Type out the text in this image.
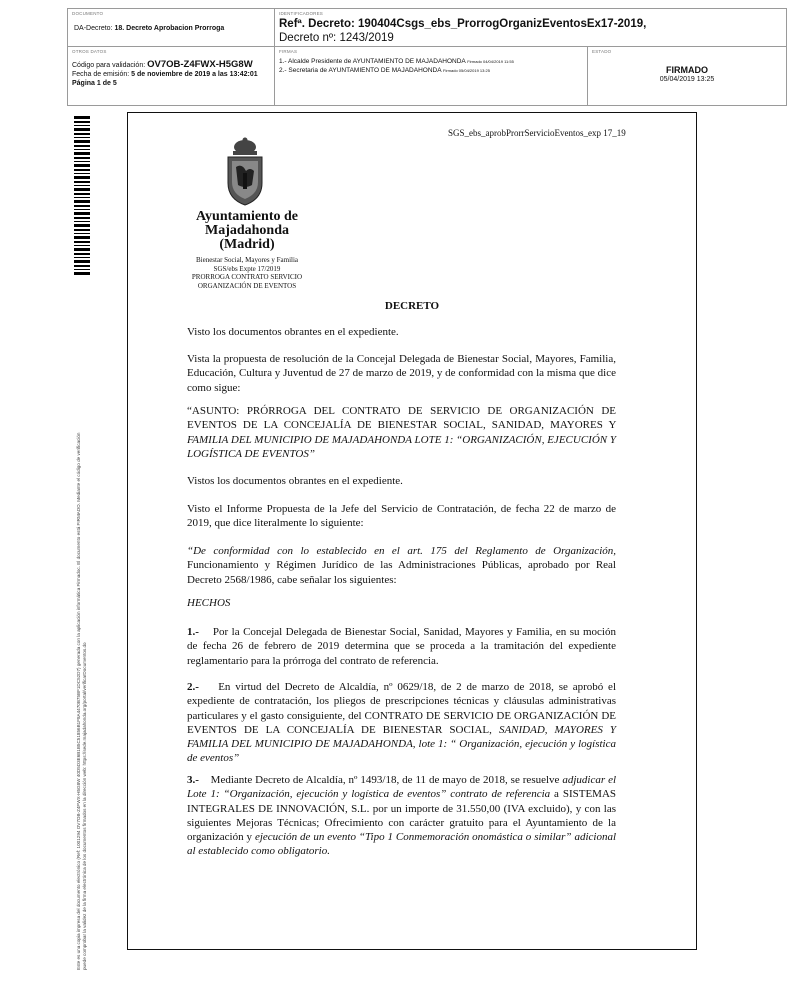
DOCUMENTO
DA-Decreto: 18. Decreto Aprobacion Prorroga
IDENTIFICADORES
Refª. Decreto: 190404Csgs_ebs_ProrrogOrganizEventosEx17-2019,
Decreto nº: 1243/2019
OTROS DATOS
Código para validación: OV7OB-Z4FWX-H5G8W
Fecha de emisión: 5 de noviembre de 2019 a las 13:42:01
Página 1 de 5
FIRMAS
1.- Alcalde Presidente de AYUNTAMIENTO DE MAJADAHONDA Firmado 04/04/2019 11:55
2.- Secretaria de AYUNTAMIENTO DE MAJADAHONDA Firmado 05/04/2019 13:25
ESTADO
FIRMADO
05/04/2019 13:25
Este es una copia impresa del documento electrónico (Ref: 1001294 OV7OB-Z4FWX-H5G8W 40D5D3E6B1B5C51856B1F8A4470B75BF1DC52D7) generada con la aplicación informática Firmadoc. El documento está FIRMADO. Mediante el código de verificación puede comprobar la validez de la firma electrónica de los documentos firmados en la dirección web: https://sede.majadahonda.org/portal/verificarDocumentos.do
SGS_ebs_aprobProrrServicioEventos_exp 17_19
Ayuntamiento de Majadahonda (Madrid)
Bienestar Social, Mayores y Familia
SGS/ebs Expte 17/2019
PRORROGA CONTRATO SERVICIO ORGANIZACIÓN DE EVENTOS
DECRETO
Visto los documentos obrantes en el expediente.
Vista la propuesta de resolución de la Concejal Delegada de Bienestar Social, Mayores, Familia, Educación, Cultura y Juventud de 27 de marzo de 2019, y de conformidad con la misma que dice como sigue:
“ASUNTO: PRÓRROGA DEL CONTRATO DE SERVICIO DE ORGANIZACIÓN DE EVENTOS DE LA CONCEJALÍA DE BIENESTAR SOCIAL, SANIDAD, MAYORES Y FAMILIA DEL MUNICIPIO DE MAJADAHONDA LOTE 1: “ORGANIZACIÓN, EJECUCIÓN Y LOGÍSTICA DE EVENTOS”
Vistos los documentos obrantes en el expediente.
Visto el Informe Propuesta de la Jefe del Servicio de Contratación, de fecha 22 de marzo de 2019, que dice literalmente lo siguiente:
“De conformidad con lo establecido en el art. 175 del Reglamento de Organización, Funcionamiento y Régimen Jurídico de las Administraciones Públicas, aprobado por Real Decreto 2568/1986, cabe señalar los siguientes:
HECHOS
1.- Por la Concejal Delegada de Bienestar Social, Sanidad, Mayores y Familia, en su moción de fecha 26 de febrero de 2019 determina que se proceda a la tramitación del expediente reglamentario para la prórroga del contrato de referencia.
2.- En virtud del Decreto de Alcaldía, nº 0629/18, de 2 de marzo de 2018, se aprobó el expediente de contratación, los pliegos de prescripciones técnicas y cláusulas administrativas particulares y el gasto consiguiente, del CONTRATO DE SERVICIO DE ORGANIZACIÓN DE EVENTOS DE LA CONCEJALÍA DE BIENESTAR SOCIAL, SANIDAD, MAYORES Y FAMILIA DEL MUNICIPIO DE MAJADAHONDA, lote 1: “ Organización, ejecución y logística de eventos”
3.- Mediante Decreto de Alcaldía, nº 1493/18, de 11 de mayo de 2018, se resuelve adjudicar el Lote 1: “Organización, ejecución y logística de eventos” contrato de referencia a SISTEMAS INTEGRALES DE INNOVACIÓN, S.L. por un importe de 31.550,00 (IVA excluido), y con las siguientes Mejoras Técnicas; Ofrecimiento con carácter gratuito para el Ayuntamiento de la organización y ejecución de un evento “Tipo 1 Conmemoración onomástica o similar” adicional al establecido como obligatorio.
